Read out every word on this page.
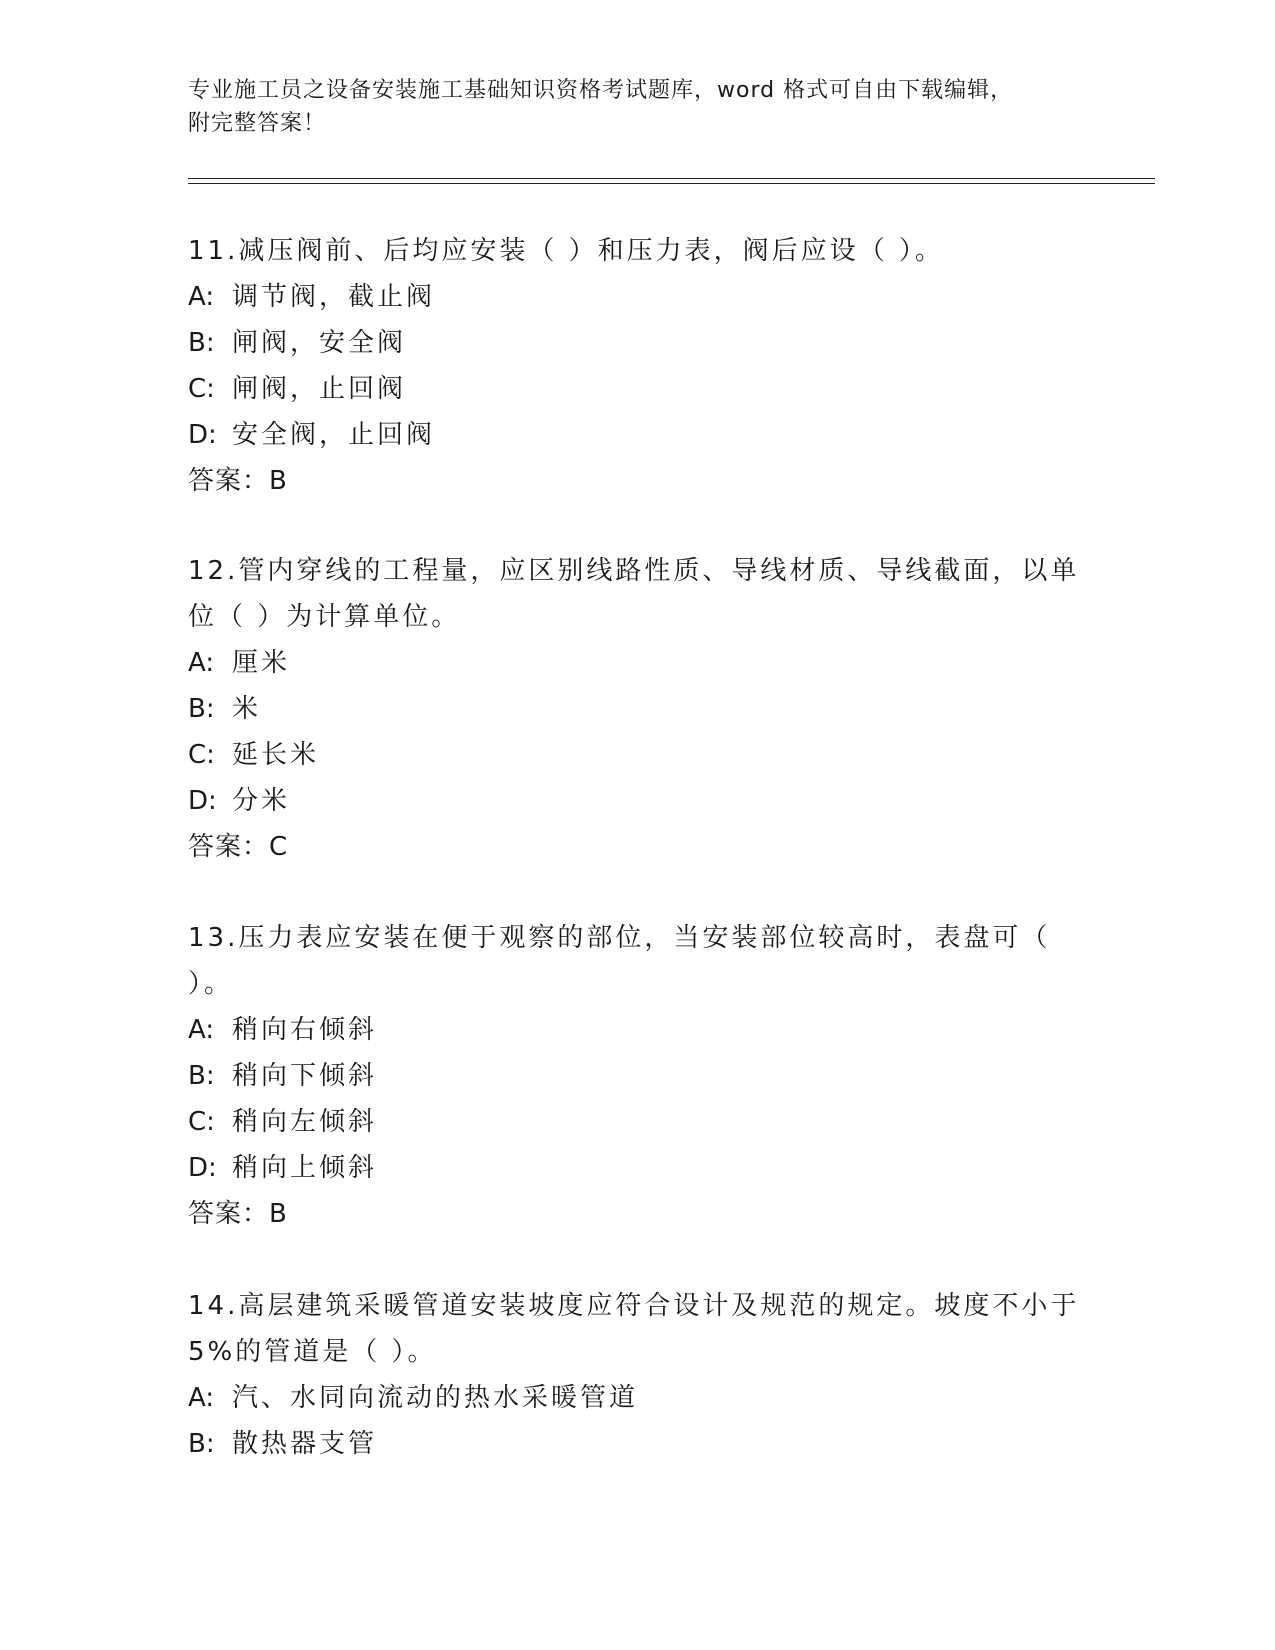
专业施工员之设备安装施工基础知识资格考试题库，word 格式可自由下载编辑，
附完整答案！

11.减压阀前、后均应安装（ ）和压力表，阀后应设（ ）。

A: 调节阀，截止阀

B: 闸阀，安全阀

C: 闸阀，止回阀

D: 安全阀，止回阀

答案：B

12.管内穿线的工程量，应区别线路性质、导线材质、导线截面，以单

位（ ）为计算单位。

A: 厘米

B: 米

C: 延长米

D: 分米

答案：C

13.压力表应安装在便于观察的部位，当安装部位较高时，表盘可（

）。

A: 稍向右倾斜

B: 稍向下倾斜

C: 稍向左倾斜

D: 稍向上倾斜

答案：B

14.高层建筑采暖管道安装坡度应符合设计及规范的规定。坡度不小于

5%的管道是（ ）。

A: 汽、水同向流动的热水采暖管道

B: 散热器支管
